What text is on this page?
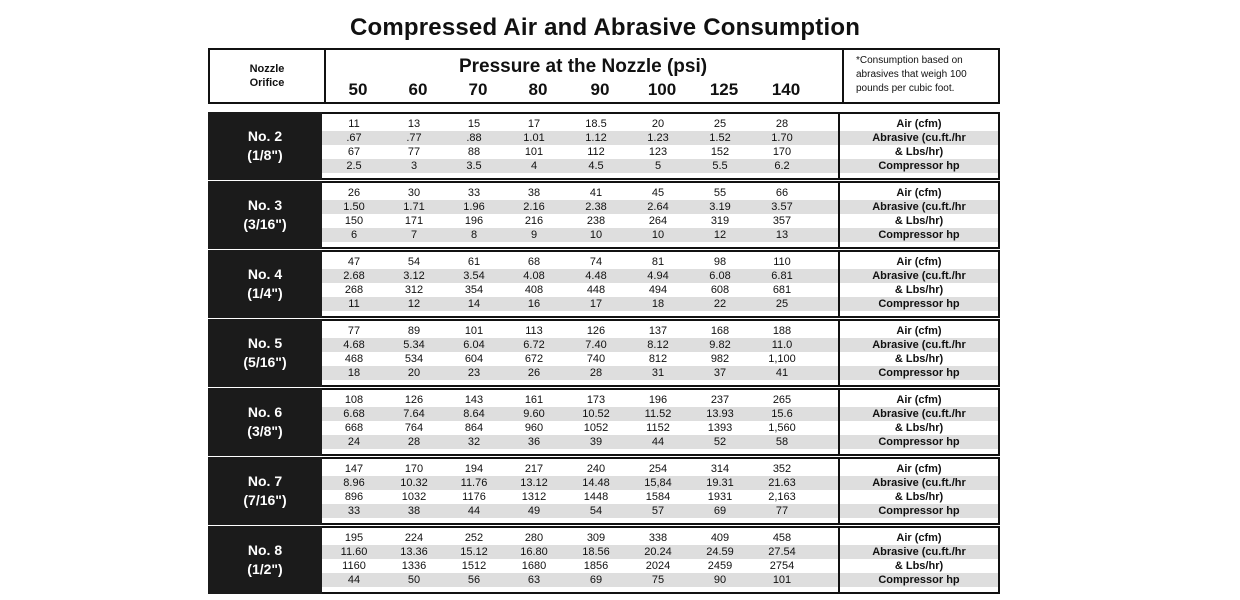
Compressed Air and Abrasive Consumption
Nozzle
Orifice
Pressure at the Nozzle (psi)
50	60	70	80	90	100	125	140
*Consumption based on
abrasives that weigh 100
pounds per cubic foot.
No. 2
(1/8")
11	13	15	17	18.5	20	25	28	Air (cfm)
.67	.77	.88	1.01	1.12	1.23	1.52	1.70	Abrasive (cu.ft./hr
67	77	88	101	112	123	152	170	& Lbs/hr)
2.5	3	3.5	4	4.5	5	5.5	6.2	Compressor hp
No. 3
(3/16")
26	30	33	38	41	45	55	66	Air (cfm)
1.50	1.71	1.96	2.16	2.38	2.64	3.19	3.57	Abrasive (cu.ft./hr
150	171	196	216	238	264	319	357	& Lbs/hr)
6	7	8	9	10	10	12	13	Compressor hp
No. 4
(1/4")
47	54	61	68	74	81	98	110	Air (cfm)
2.68	3.12	3.54	4.08	4.48	4.94	6.08	6.81	Abrasive (cu.ft./hr
268	312	354	408	448	494	608	681	& Lbs/hr)
11	12	14	16	17	18	22	25	Compressor hp
No. 5
(5/16")
77	89	101	113	126	137	168	188	Air (cfm)
4.68	5.34	6.04	6.72	7.40	8.12	9.82	11.0	Abrasive (cu.ft./hr
468	534	604	672	740	812	982	1,100	& Lbs/hr)
18	20	23	26	28	31	37	41	Compressor hp
No. 6
(3/8")
108	126	143	161	173	196	237	265	Air (cfm)
6.68	7.64	8.64	9.60	10.52	11.52	13.93	15.6	Abrasive (cu.ft./hr
668	764	864	960	1052	1152	1393	1,560	& Lbs/hr)
24	28	32	36	39	44	52	58	Compressor hp
No. 7
(7/16")
147	170	194	217	240	254	314	352	Air (cfm)
8.96	10.32	11.76	13.12	14.48	15,84	19.31	21.63	Abrasive (cu.ft./hr
896	1032	1176	1312	1448	1584	1931	2,163	& Lbs/hr)
33	38	44	49	54	57	69	77	Compressor hp
No. 8
(1/2")
195	224	252	280	309	338	409	458	Air (cfm)
11.60	13.36	15.12	16.80	18.56	20.24	24.59	27.54	Abrasive (cu.ft./hr
1160	1336	1512	1680	1856	2024	2459	2754	& Lbs/hr)
44	50	56	63	69	75	90	101	Compressor hp
